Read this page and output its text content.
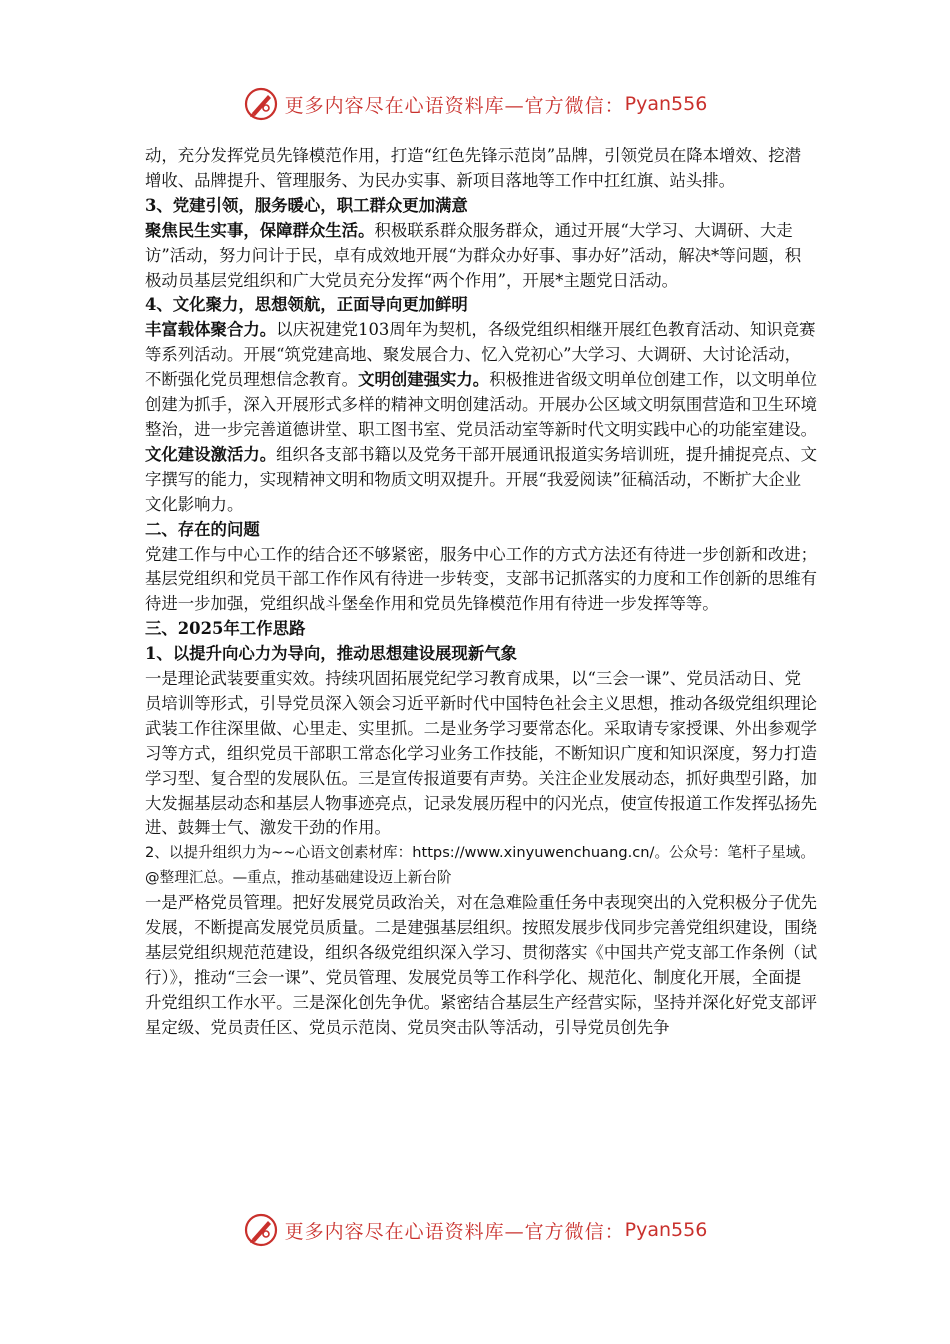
更多内容尽在心语资料库—官方微信： Pyan556

动，充分发挥党员先锋模范作用，打造“红色先锋示范岗”品牌，引领党员在降本增效、挖潜增收、品牌提升、管理服务、为民办实事、新项目落地等工作中扛红旗、站头排。

3、党建引领，服务暖心，职工群众更加满意

聚焦民生实事，保障群众生活。积极联系群众服务群众，通过开展“大学习、大调研、大走访”活动，努力问计于民，卓有成效地开展“为群众办好事、事办好”活动，解决*等问题，积极动员基层党组织和广大党员充分发挥“两个作用”，开展*主题党日活动。

4、文化聚力，思想领航，正面导向更加鲜明

丰富载体聚合力。以庆祝建党103周年为契机，各级党组织相继开展红色教育活动、知识竞赛等系列活动。开展“筑党建高地、聚发展合力、忆入党初心”大学习、大调研、大讨论活动，不断强化党员理想信念教育。文明创建强实力。积极推进省级文明单位创建工作，以文明单位创建为抓手，深入开展形式多样的精神文明创建活动。开展办公区域文明氛围营造和卫生环境整治，进一步完善道德讲堂、职工图书室、党员活动室等新时代文明实践中心的功能室建设。文化建设激活力。组织各支部书籍以及党务干部开展通讯报道实务培训班，提升捕捉亮点、文字撰写的能力，实现精神文明和物质文明双提升。开展“我爱阅读”征稿活动，不断扩大企业文化影响力。

二、存在的问题

党建工作与中心工作的结合还不够紧密，服务中心工作的方式方法还有待进一步创新和改进；基层党组织和党员干部工作作风有待进一步转变，支部书记抓落实的力度和工作创新的思维有待进一步加强，党组织战斗堡垒作用和党员先锋模范作用有待进一步发挥等等。

三、2025年工作思路

1、以提升向心力为导向，推动思想建设展现新气象

一是理论武装要重实效。持续巩固拓展党纪学习教育成果，以“三会一课”、党员活动日、党员培训等形式，引导党员深入领会习近平新时代中国特色社会主义思想，推动各级党组织理论武装工作往深里做、心里走、实里抓。二是业务学习要常态化。采取请专家授课、外出参观学习等方式，组织党员干部职工常态化学习业务工作技能，不断知识广度和知识深度，努力打造学习型、复合型的发展队伍。三是宣传报道要有声势。关注企业发展动态，抓好典型引路，加大发掘基层动态和基层人物事迹亮点，记录发展历程中的闪光点，使宣传报道工作发挥弘扬先进、鼓舞士气、激发干劲的作用。

2、以提升组织力为~~心语文创素材库：https://www.xinyuwenchuang.cn/。公众号：笔杆子星域。@整理汇总。—重点，推动基础建设迈上新台阶

一是严格党员管理。把好发展党员政治关，对在急难险重任务中表现突出的入党积极分子优先发展，不断提高发展党员质量。二是建强基层组织。按照发展步伐同步完善党组织建设，围绕基层党组织规范范建设，组织各级党组织深入学习、贯彻落实《中国共产党支部工作条例（试行）》，推动“三会一课”、党员管理、发展党员等工作科学化、规范化、制度化开展，全面提升党组织工作水平。三是深化创先争优。紧密结合基层生产经营实际，坚持并深化好党支部评星定级、党员责任区、党员示范岗、党员突击队等活动，引导党员创先争

更多内容尽在心语资料库—官方微信： Pyan556
